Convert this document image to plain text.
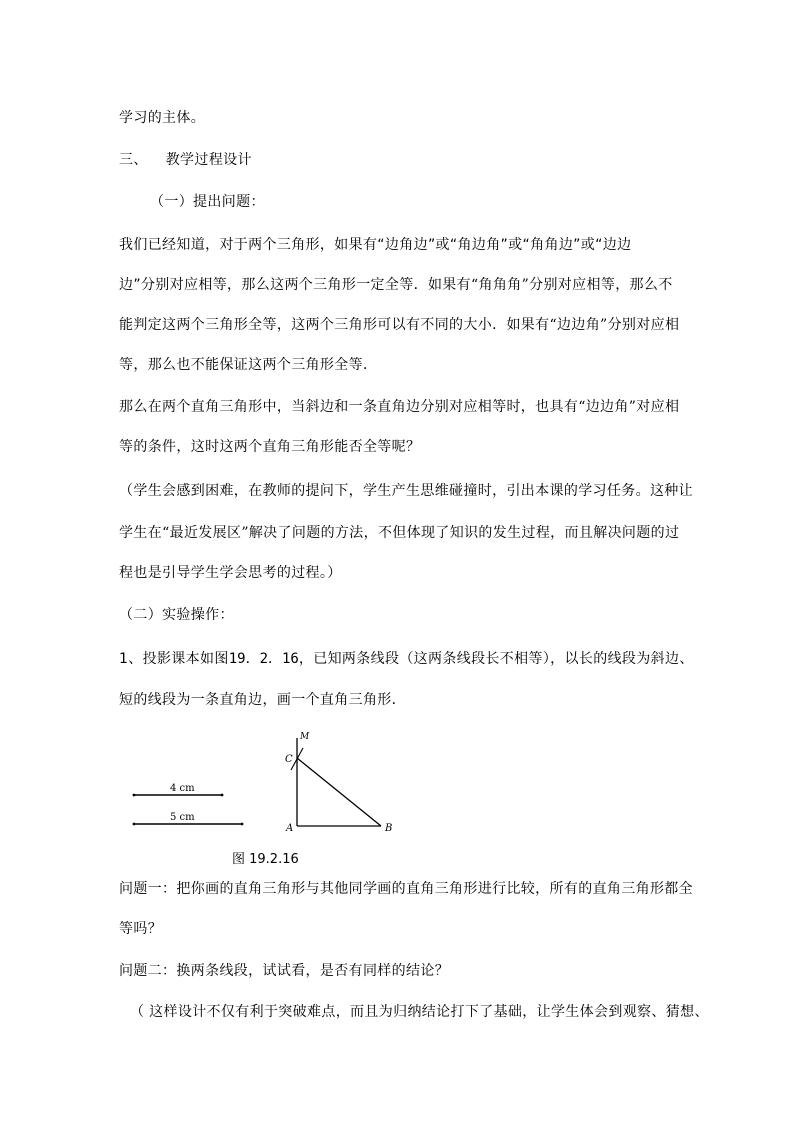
学习的主体。
三、 教学过程设计
（一）提出问题：
我们已经知道，对于两个三角形，如果有“边角边”或“角边角”或“角角边”或“边边
边”分别对应相等，那么这两个三角形一定全等．如果有“角角角”分别对应相等，那么不
能判定这两个三角形全等，这两个三角形可以有不同的大小．如果有“边边角”分别对应相
等，那么也不能保证这两个三角形全等．
那么在两个直角三角形中，当斜边和一条直角边分别对应相等时，也具有“边边角”对应相
等的条件，这时这两个直角三角形能否全等呢？
（学生会感到困难，在教师的提问下，学生产生思维碰撞时，引出本课的学习任务。这种让
学生在“最近发展区”解决了问题的方法，不但体现了知识的发生过程，而且解决问题的过
程也是引导学生学会思考的过程。）
（二）实验操作：
1、投影课本如图19．2．16，已知两条线段（这两条线段长不相等），以长的线段为斜边、
短的线段为一条直角边，画一个直角三角形．
4 cm
5 cm
M
C
A	B
图 19.2.16
问题一：把你画的直角三角形与其他同学画的直角三角形进行比较，所有的直角三角形都全
等吗？
问题二：换两条线段，试试看，是否有同样的结论？
（ 这样设计不仅有利于突破难点，而且为归纳结论打下了基础，让学生体会到观察、猜想、
